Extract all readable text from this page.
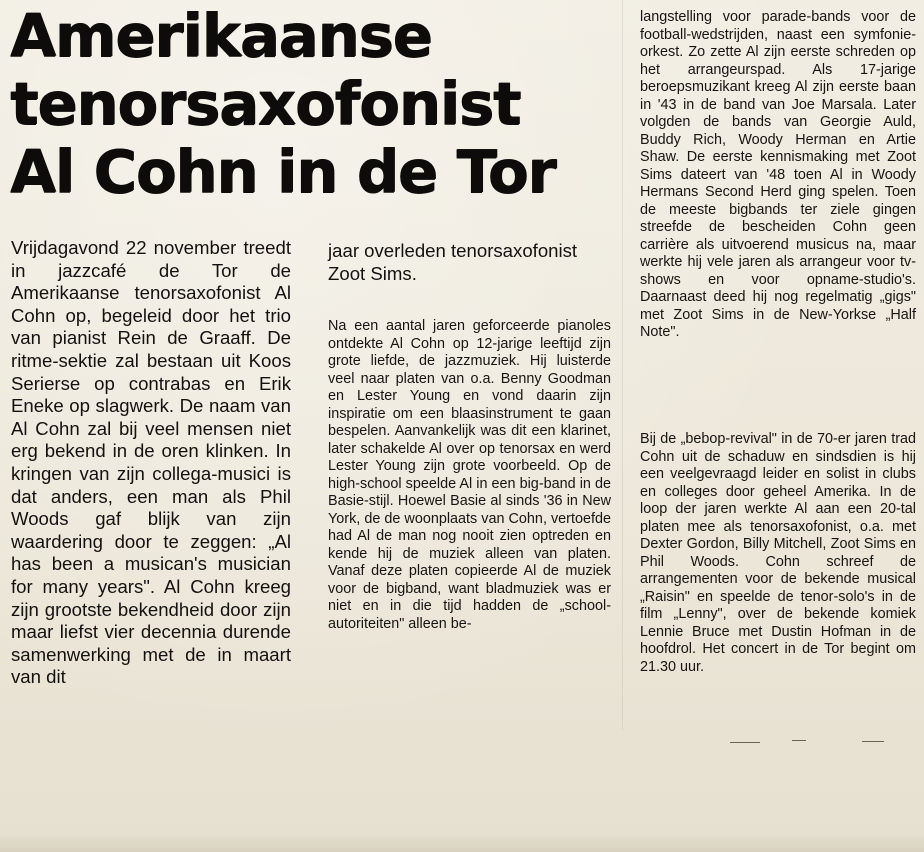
Amerikaanse
tenorsaxofonist
Al Cohn in de Tor

Vrijdagavond 22 november treedt in jazzcafé de Tor de Amerikaanse tenorsaxofonist Al Cohn op, begeleid door het trio van pianist Rein de Graaff. De ritme-sektie zal bestaan uit Koos Serierse op contrabas en Erik Eneke op slagwerk. De naam van Al Cohn zal bij veel mensen niet erg bekend in de oren klinken. In kringen van zijn collega-musici is dat anders, een man als Phil Woods gaf blijk van zijn waardering door te zeggen: „Al has been a musican's musician for many years". Al Cohn kreeg zijn grootste bekendheid door zijn maar liefst vier decennia durende samenwerking met de in maart van dit

jaar overleden tenorsaxofonist Zoot Sims.

Na een aantal jaren geforceerde pianoles ontdekte Al Cohn op 12-jarige leeftijd zijn grote liefde, de jazzmuziek. Hij luisterde veel naar platen van o.a. Benny Goodman en Lester Young en vond daarin zijn inspiratie om een blaasinstrument te gaan bespelen. Aanvankelijk was dit een klarinet, later schakelde Al over op tenorsax en werd Lester Young zijn grote voorbeeld. Op de high-school speelde Al in een big-band in de Basie-stijl. Hoewel Basie al sinds '36 in New York, de de woonplaats van Cohn, vertoefde had Al de man nog nooit zien optreden en kende hij de muziek alleen van platen. Vanaf deze platen copieerde Al de muziek voor de bigband, want bladmuziek was er niet en in die tijd hadden de „school-autoriteiten" alleen be-

langstelling voor parade-bands voor de football-wedstrijden, naast een symfonie-orkest. Zo zette Al zijn eerste schreden op het arrangeurspad. Als 17-jarige beroepsmuzikant kreeg Al zijn eerste baan in '43 in de band van Joe Marsala. Later volgden de bands van Georgie Auld, Buddy Rich, Woody Herman en Artie Shaw. De eerste kennismaking met Zoot Sims dateert van '48 toen Al in Woody Hermans Second Herd ging spelen. Toen de meeste bigbands ter ziele gingen streefde de bescheiden Cohn geen carrière als uitvoerend musicus na, maar werkte hij vele jaren als arrangeur voor tv-shows en voor opname-studio's. Daarnaast deed hij nog regelmatig „gigs" met Zoot Sims in de New-Yorkse „Half Note".

Bij de „bebop-revival" in de 70-er jaren trad Cohn uit de schaduw en sindsdien is hij een veelgevraagd leider en solist in clubs en colleges door geheel Amerika. In de loop der jaren werkte Al aan een 20-tal platen mee als tenorsaxofonist, o.a. met Dexter Gordon, Billy Mitchell, Zoot Sims en Phil Woods. Cohn schreef de arrangementen voor de bekende musical „Raisin" en speelde de tenor-solo's in de film „Lenny", over de bekende komiek Lennie Bruce met Dustin Hofman in de hoofdrol. Het concert in de Tor begint om 21.30 uur.
